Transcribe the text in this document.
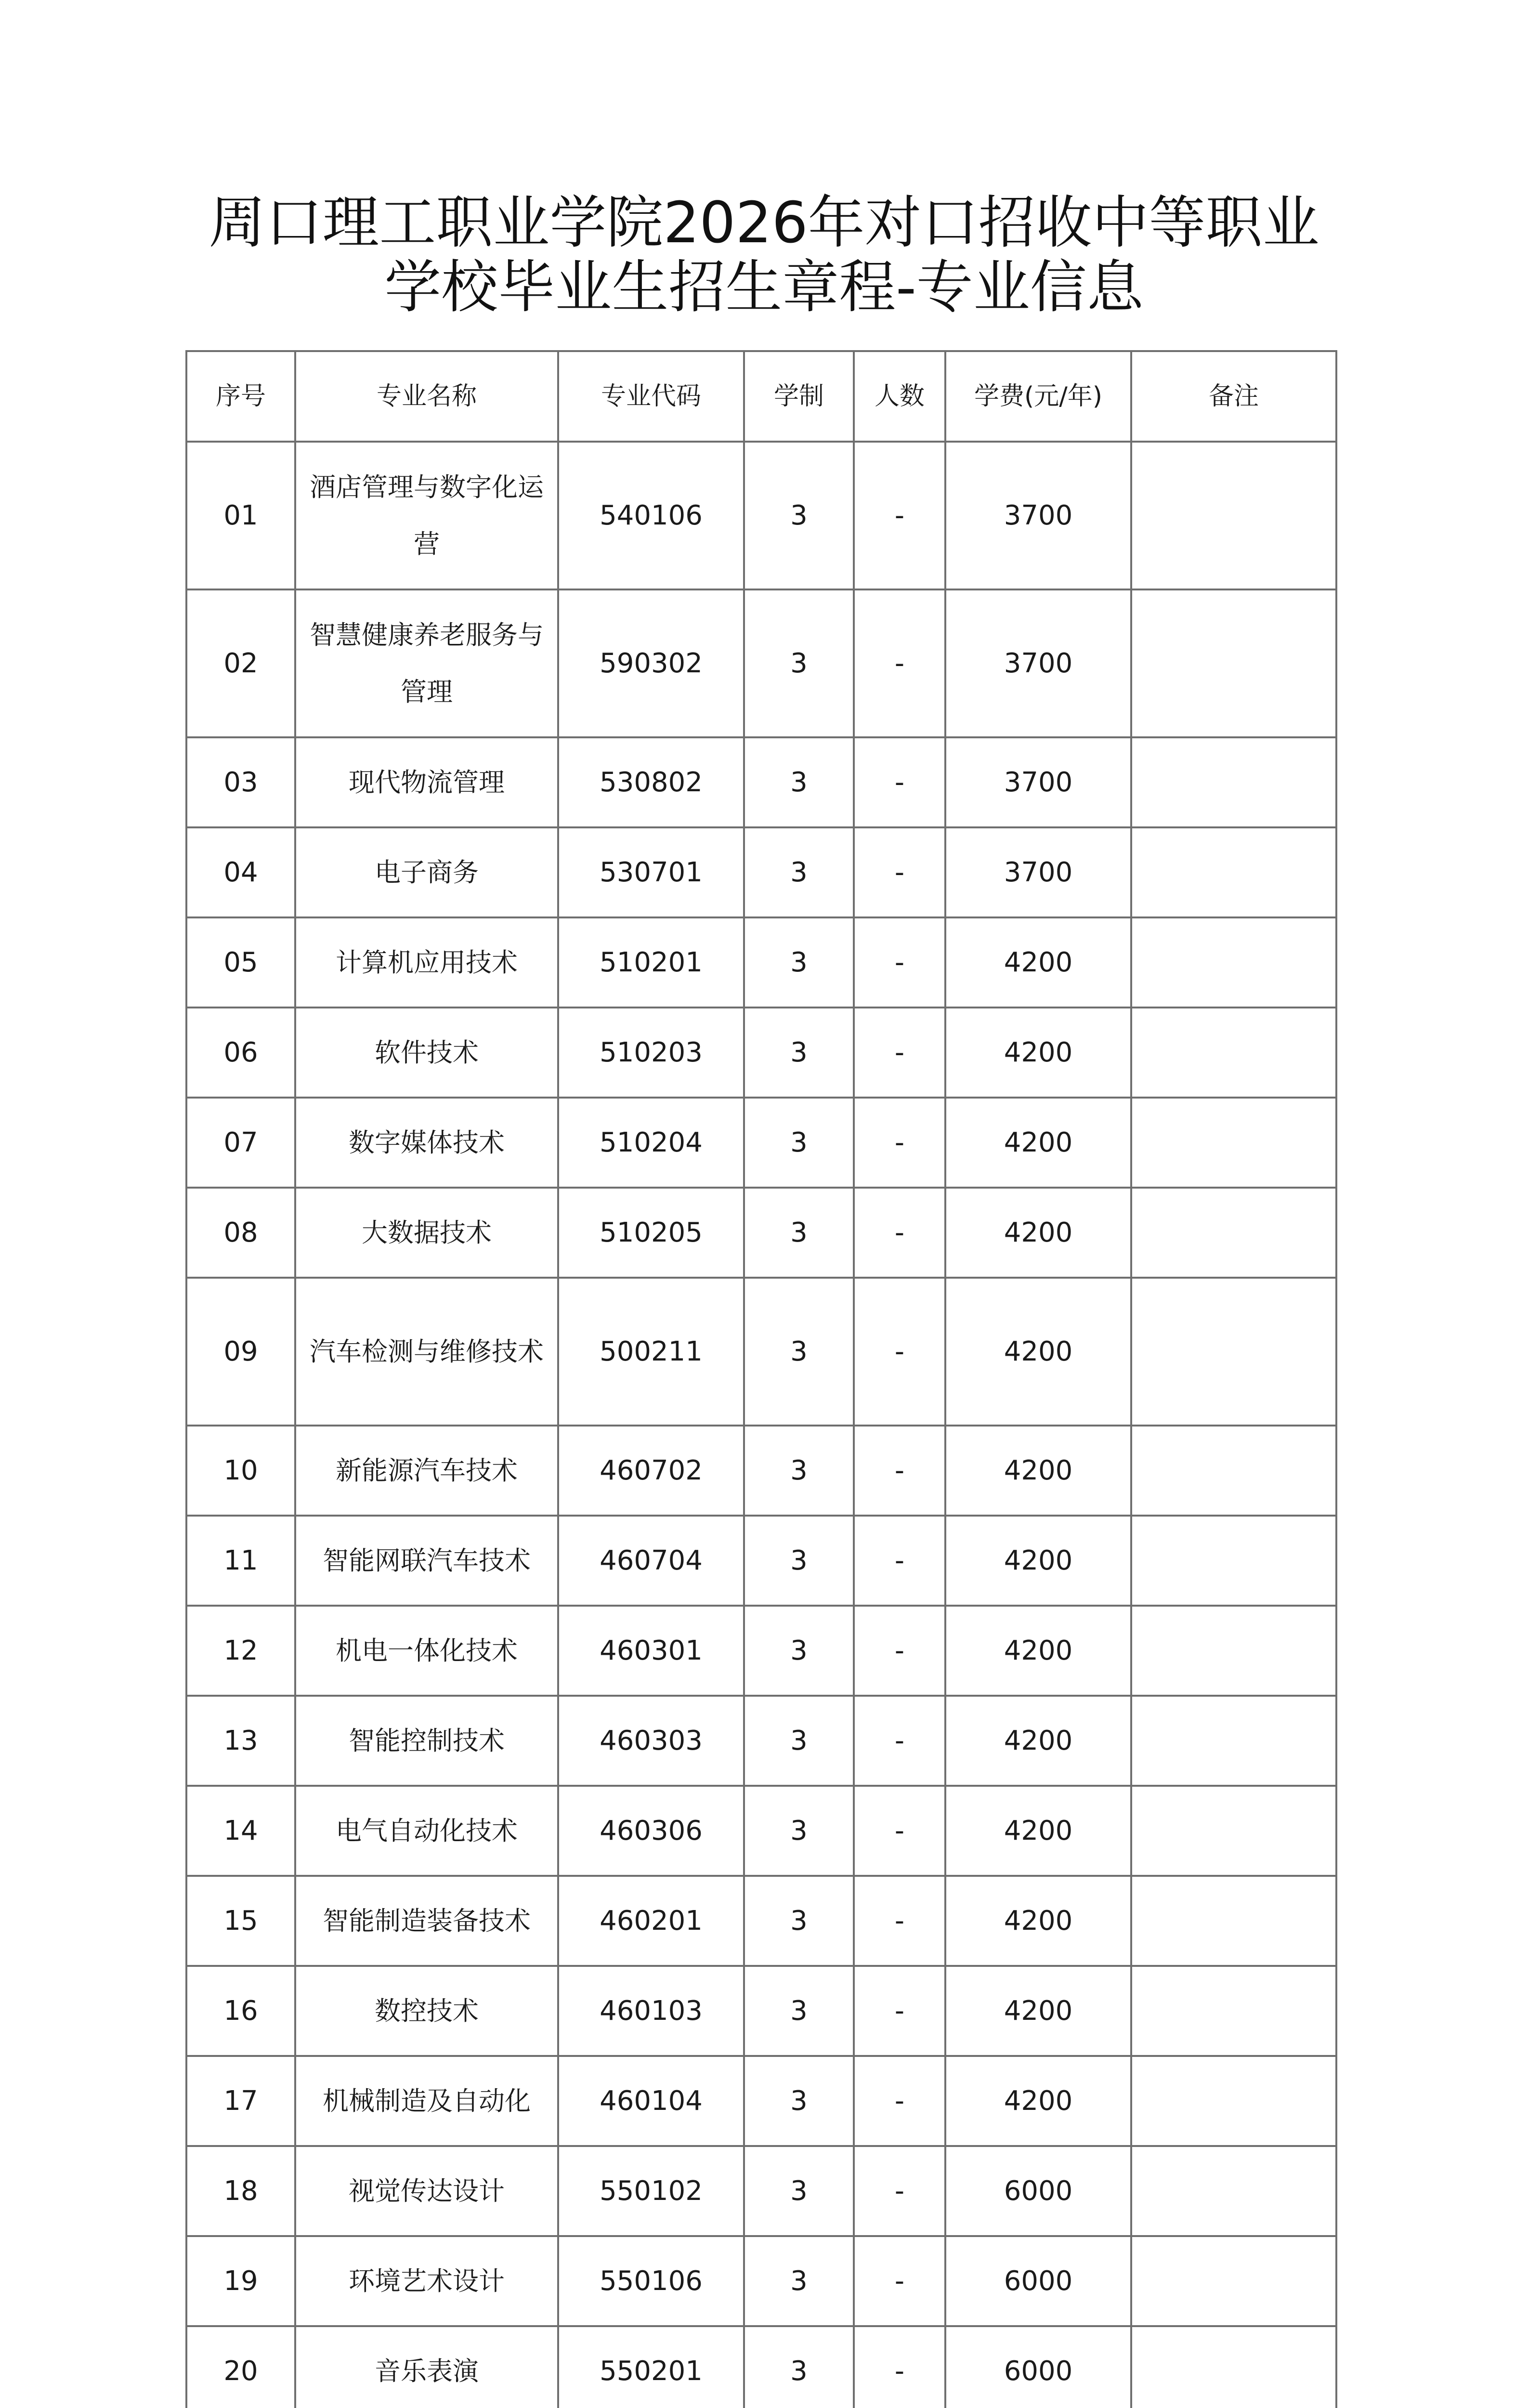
周口理工职业学院2026年对口招收中等职业
学校毕业生招生章程-专业信息
序号	专业名称	专业代码	学制	人数	学费(元/年)	备注
01	酒店管理与数字化运营	540106	3	-	3700	
02	智慧健康养老服务与管理	590302	3	-	3700	
03	现代物流管理	530802	3	-	3700	
04	电子商务	530701	3	-	3700	
05	计算机应用技术	510201	3	-	4200	
06	软件技术	510203	3	-	4200	
07	数字媒体技术	510204	3	-	4200	
08	大数据技术	510205	3	-	4200	
09	汽车检测与维修技术	500211	3	-	4200	
10	新能源汽车技术	460702	3	-	4200	
11	智能网联汽车技术	460704	3	-	4200	
12	机电一体化技术	460301	3	-	4200	
13	智能控制技术	460303	3	-	4200	
14	电气自动化技术	460306	3	-	4200	
15	智能制造装备技术	460201	3	-	4200	
16	数控技术	460103	3	-	4200	
17	机械制造及自动化	460104	3	-	4200	
18	视觉传达设计	550102	3	-	6000	
19	环境艺术设计	550106	3	-	6000	
20	音乐表演	550201	3	-	6000	
